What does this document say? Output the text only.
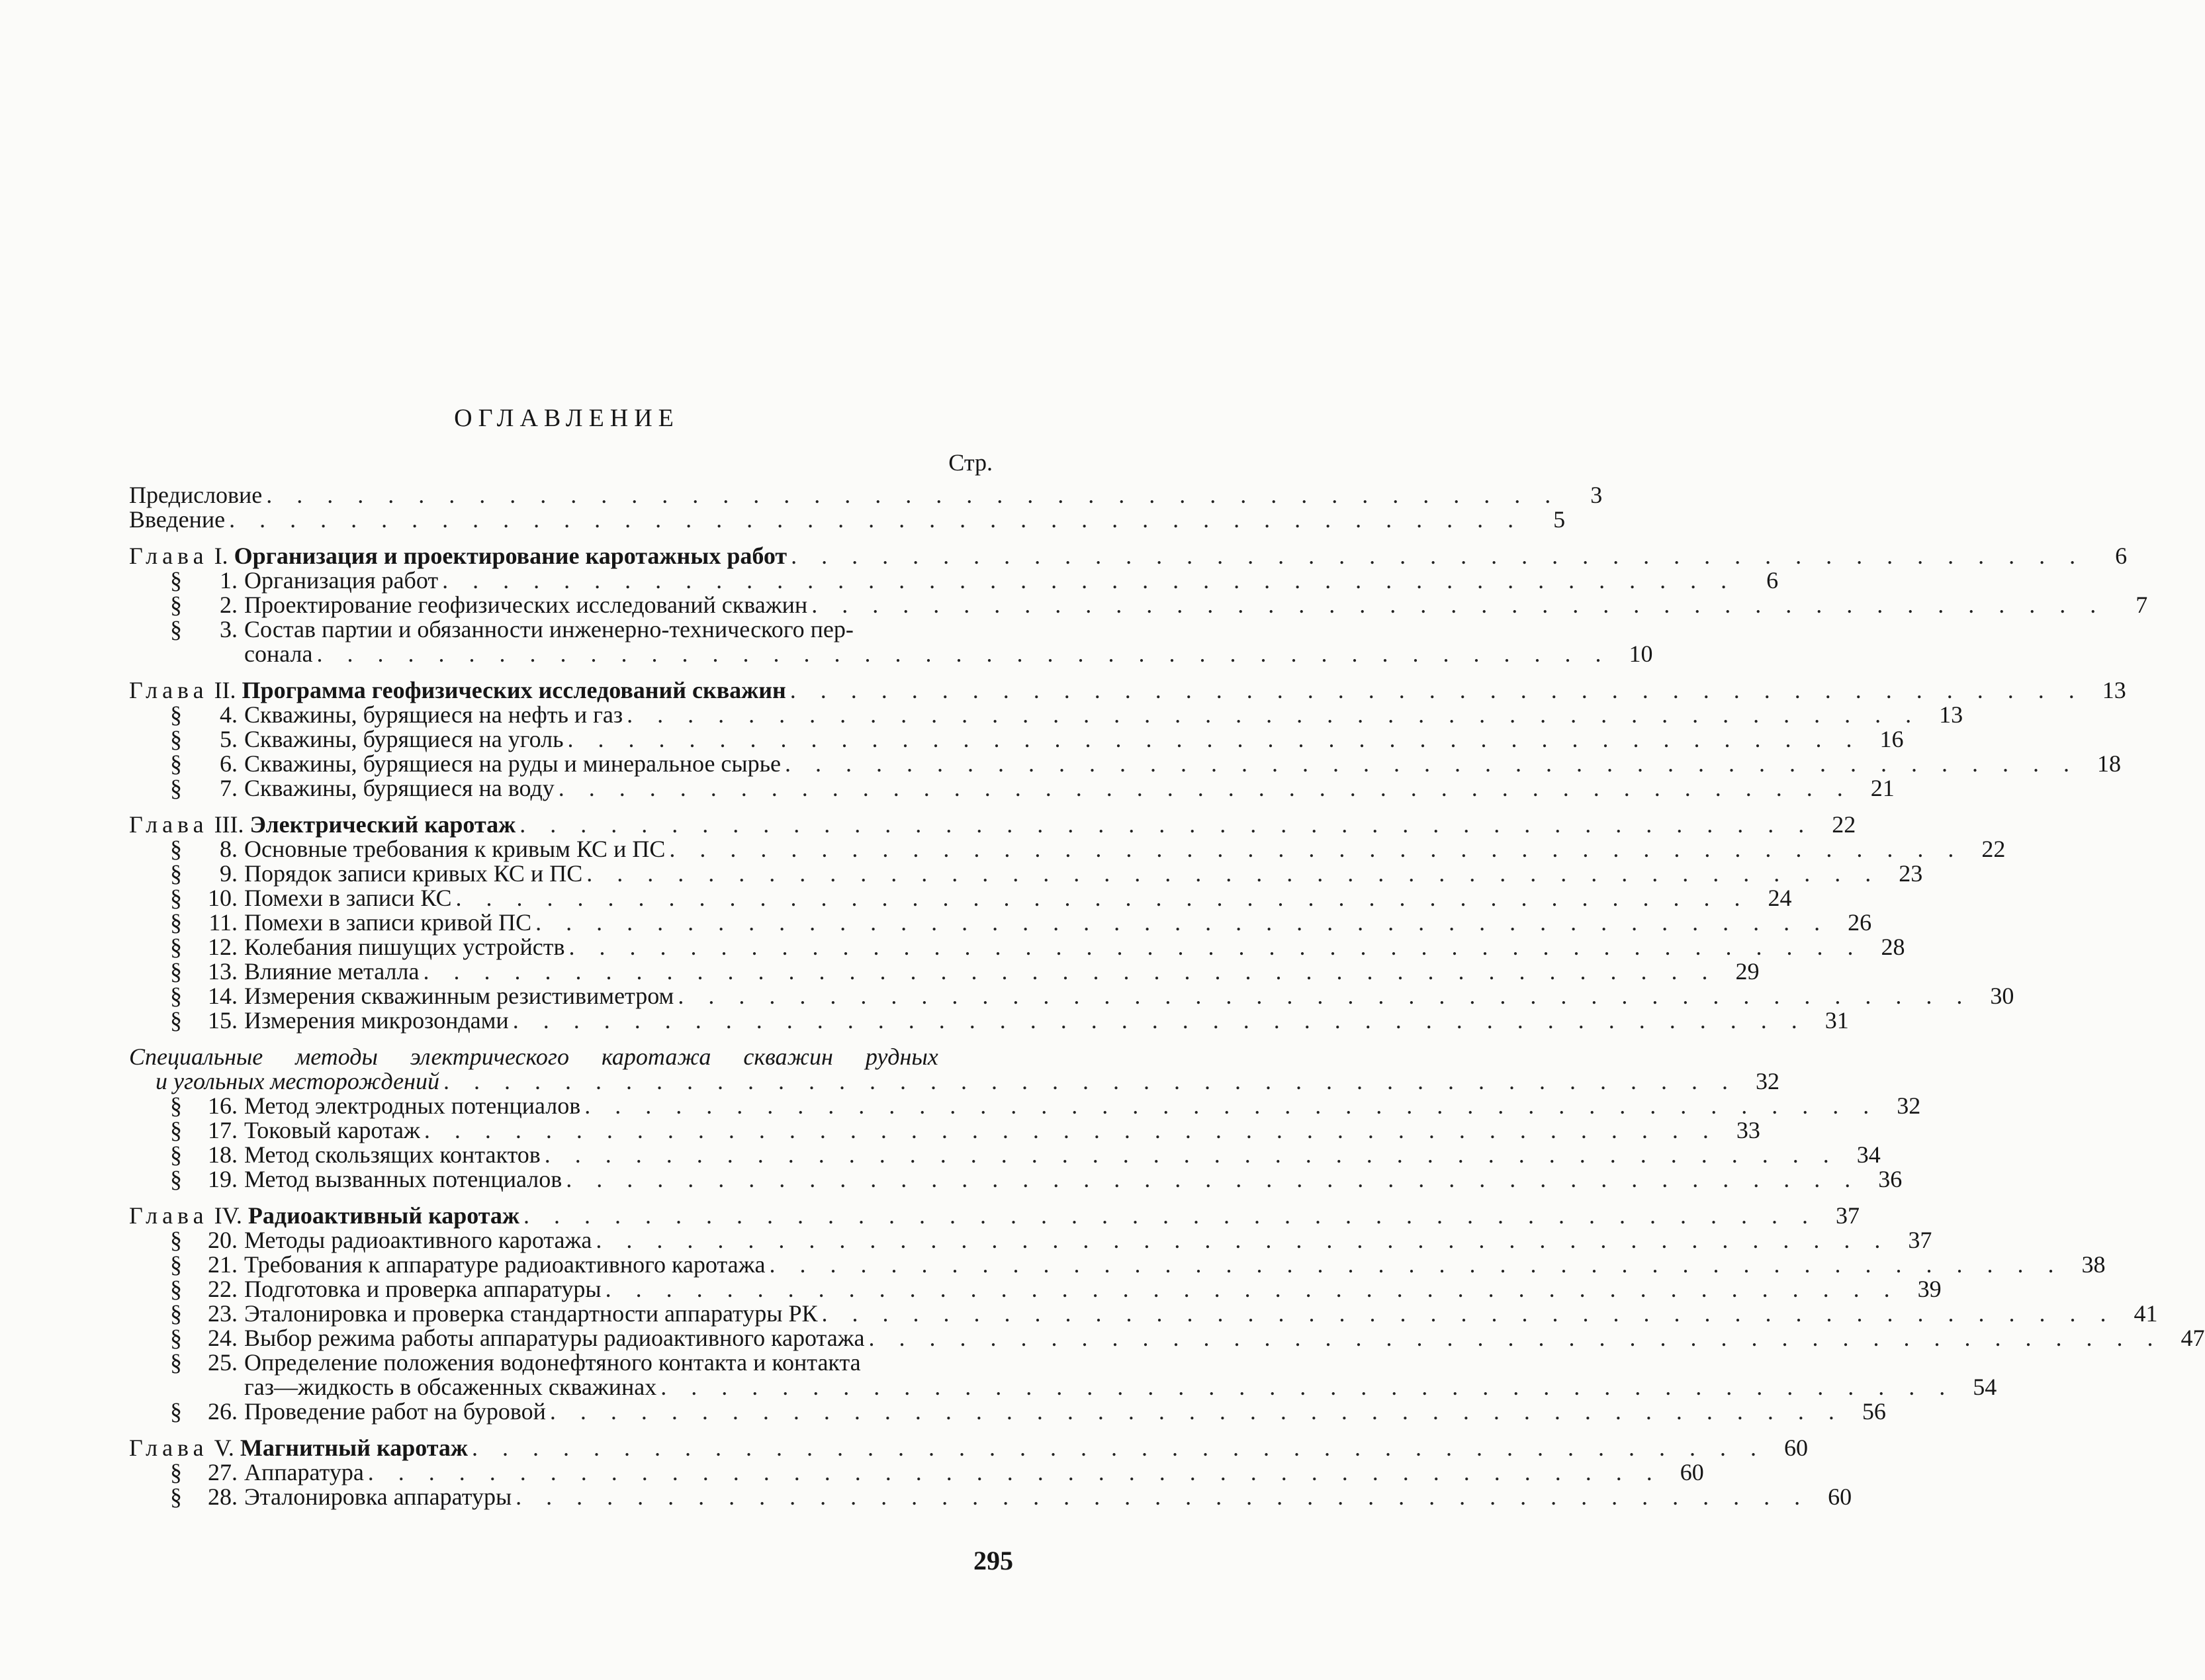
ОГЛАВЛЕНИЕ
Стр.
Предисловие . . . . . . . . . . . . . . . . . . . . . . . . . . . . . . . . . . . . . . . . . . .	3
Введение . . . . . . . . . . . . . . . . . . . . . . . . . . . . . . . . . . . . . . . . . . .	5
Глава I. Организация и проектирование каротажных работ . . . . . . . . . . . . . . . . . . . . . . . . . . . . . . . . . . . . . . . . . . .	6
§ 1. Организация работ . . . . . . . . . . . . . . . . . . . . . . . . . . . . . . . . . . . . . . . . . . .	6
§ 2. Проектирование геофизических исследований скважин . . . . . . . . . . . . . . . . . . . . . . . . . . . . . . . . . . . . . . . . . . .	7
§ 3. Состав партии и обязанности инженерно-технического пер-
сонала . . . . . . . . . . . . . . . . . . . . . . . . . . . . . . . . . . . . . . . . . . . 10
Глава II. Программа геофизических исследований скважин . . . . . . . . . . . . . . . . . . . . . . . . . . . . . . . . . . . . . . . . . . . 13
§ 4. Скважины, бурящиеся на нефть и газ . . . . . . . . . . . . . . . . . . . . . . . . . . . . . . . . . . . . . . . . . . . 13
§ 5. Скважины, бурящиеся на уголь . . . . . . . . . . . . . . . . . . . . . . . . . . . . . . . . . . . . . . . . . . . 16
§ 6. Скважины, бурящиеся на руды и минеральное сырье . . . . . . . . . . . . . . . . . . . . . . . . . . . . . . . . . . . . . . . . . . . 18
§ 7. Скважины, бурящиеся на воду . . . . . . . . . . . . . . . . . . . . . . . . . . . . . . . . . . . . . . . . . . . 21
Глава III. Электрический каротаж . . . . . . . . . . . . . . . . . . . . . . . . . . . . . . . . . . . . . . . . . . . 22
§ 8. Основные требования к кривым КС и ПС . . . . . . . . . . . . . . . . . . . . . . . . . . . . . . . . . . . . . . . . . . . 22
§ 9. Порядок записи кривых КС и ПС . . . . . . . . . . . . . . . . . . . . . . . . . . . . . . . . . . . . . . . . . . . 23
§ 10. Помехи в записи КС . . . . . . . . . . . . . . . . . . . . . . . . . . . . . . . . . . . . . . . . . . . 24
§ 11. Помехи в записи кривой ПС . . . . . . . . . . . . . . . . . . . . . . . . . . . . . . . . . . . . . . . . . . . 26
§ 12. Колебания пишущих устройств . . . . . . . . . . . . . . . . . . . . . . . . . . . . . . . . . . . . . . . . . . . 28
§ 13. Влияние металла . . . . . . . . . . . . . . . . . . . . . . . . . . . . . . . . . . . . . . . . . . . 29
§ 14. Измерения скважинным резистивиметром . . . . . . . . . . . . . . . . . . . . . . . . . . . . . . . . . . . . . . . . . . . 30
§ 15. Измерения микрозондами . . . . . . . . . . . . . . . . . . . . . . . . . . . . . . . . . . . . . . . . . . . 31
Специальные методы электрического каротажа скважин рудных
и угольных месторождений . . . . . . . . . . . . . . . . . . . . . . . . . . . . . . . . . . . . . . . . . . . 32
§ 16. Метод электродных потенциалов . . . . . . . . . . . . . . . . . . . . . . . . . . . . . . . . . . . . . . . . . . . 32
§ 17. Токовый каротаж . . . . . . . . . . . . . . . . . . . . . . . . . . . . . . . . . . . . . . . . . . . 33
§ 18. Метод скользящих контактов . . . . . . . . . . . . . . . . . . . . . . . . . . . . . . . . . . . . . . . . . . . 34
§ 19. Метод вызванных потенциалов . . . . . . . . . . . . . . . . . . . . . . . . . . . . . . . . . . . . . . . . . . . 36
Глава IV. Радиоактивный каротаж . . . . . . . . . . . . . . . . . . . . . . . . . . . . . . . . . . . . . . . . . . . 37
§ 20. Методы радиоактивного каротажа . . . . . . . . . . . . . . . . . . . . . . . . . . . . . . . . . . . . . . . . . . . 37
§ 21. Требования к аппаратуре радиоактивного каротажа . . . . . . . . . . . . . . . . . . . . . . . . . . . . . . . . . . . . . . . . . . . 38
§ 22. Подготовка и проверка аппаратуры . . . . . . . . . . . . . . . . . . . . . . . . . . . . . . . . . . . . . . . . . . . 39
§ 23. Эталонировка и проверка стандартности аппаратуры РК . . . . . . . . . . . . . . . . . . . . . . . . . . . . . . . . . . . . . . . . . . . 41
§ 24. Выбор режима работы аппаратуры радиоактивного каротажа . . . . . . . . . . . . . . . . . . . . . . . . . . . . . . . . . . . . . . . . . . . 47
§ 25. Определение положения водонефтяного контакта и контакта
газ—жидкость в обсаженных скважинах . . . . . . . . . . . . . . . . . . . . . . . . . . . . . . . . . . . . . . . . . . . 54
§ 26. Проведение работ на буровой . . . . . . . . . . . . . . . . . . . . . . . . . . . . . . . . . . . . . . . . . . . 56
Глава V. Магнитный каротаж . . . . . . . . . . . . . . . . . . . . . . . . . . . . . . . . . . . . . . . . . . . 60
§ 27. Аппаратура . . . . . . . . . . . . . . . . . . . . . . . . . . . . . . . . . . . . . . . . . . . 60
§ 28. Эталонировка аппаратуры . . . . . . . . . . . . . . . . . . . . . . . . . . . . . . . . . . . . . . . . . . . 60
295
